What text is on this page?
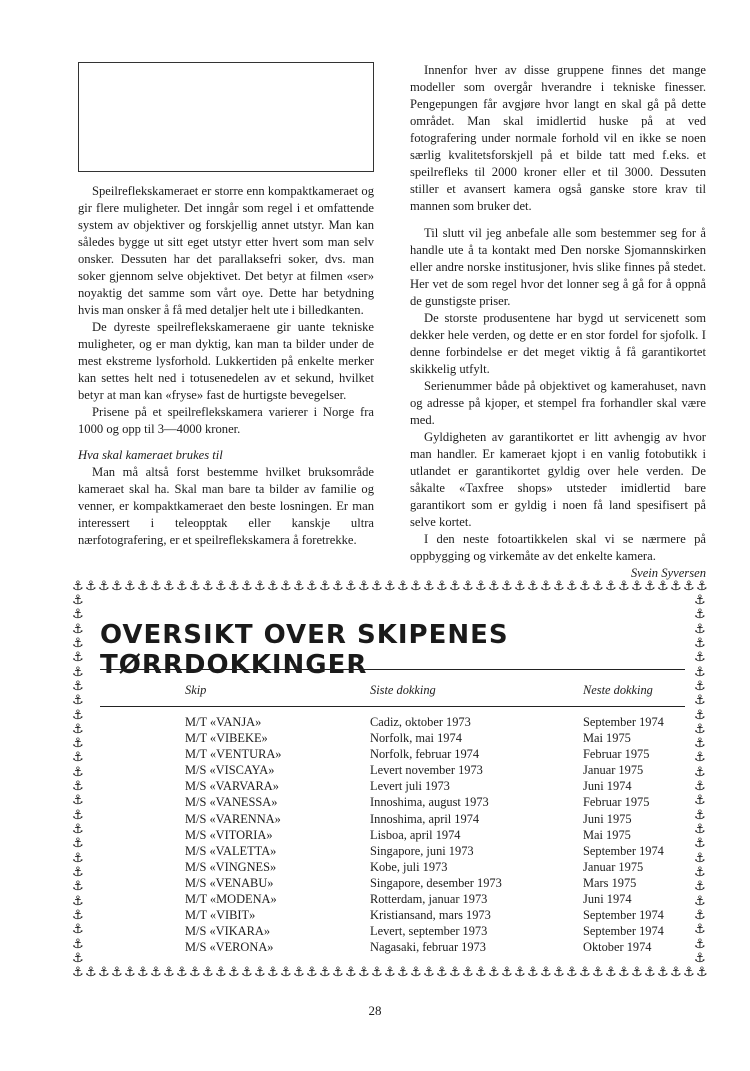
Speilreflekskameraet er storre enn kompaktkameraet og gir flere muligheter. Det inngår som regel i et omfattende system av objektiver og forskjellig annet utstyr. Man kan således bygge ut sitt eget utstyr etter hvert som man selv onsker. Dessuten har det parallaksefri soker, dvs. man soker gjennom selve objektivet. Det betyr at filmen «ser» noyaktig det samme som vårt oye. Dette har betydning hvis man onsker å få med detaljer helt ute i billedkanten.

De dyreste speilreflekskameraene gir uante tekniske muligheter, og er man dyktig, kan man ta bilder under de mest ekstreme lysforhold. Lukkertiden på enkelte merker kan settes helt ned i totusenedelen av et sekund, hvilket betyr at man kan «fryse» fast de hurtigste bevegelser.

Prisene på et speilreflekskamera varierer i Norge fra 1000 og opp til 3—4000 kroner.

Hva skal kameraet brukes til

Man må altså forst bestemme hvilket bruksområde kameraet skal ha. Skal man bare ta bilder av familie og venner, er kompaktkameraet den beste losningen. Er man interessert i teleopptak eller kanskje ultra nærfotografering, er et speilreflekskamera å foretrekke.

Innenfor hver av disse gruppene finnes det mange modeller som overgår hverandre i tekniske finesser. Pengepungen får avgjøre hvor langt en skal gå på dette området. Man skal imidlertid huske på at ved fotografering under normale forhold vil en ikke se noen særlig kvalitetsforskjell på et bilde tatt med f.eks. et speilrefleks til 2000 kroner eller et til 3000. Dessuten stiller et avansert kamera også ganske store krav til mannen som bruker det.

Til slutt vil jeg anbefale alle som bestemmer seg for å handle ute å ta kontakt med Den norske Sjomannskirken eller andre norske institusjoner, hvis slike finnes på stedet. Her vet de som regel hvor det lonner seg å gå for å oppnå de gunstigste priser.

De storste produsentene har bygd ut servicenett som dekker hele verden, og dette er en stor fordel for sjofolk. I denne forbindelse er det meget viktig å få garantikortet skikkelig utfylt.

Serienummer både på objektivet og kamerahuset, navn og adresse på kjoper, et stempel fra forhandler skal være med.

Gyldigheten av garantikortet er litt avhengig av hvor man handler. Er kameraet kjopt i en vanlig fotobutikk i utlandet er garantikortet gyldig over hele verden. De såkalte «Taxfree shops» utsteder imidlertid bare garantikort som er gyldig i noen få land spesifisert på selve kortet.

I den neste fotoartikkelen skal vi se nærmere på oppbygging og virkemåte av det enkelte kamera.

Svein Syversen

⚓ ⚓ ⚓ ⚓ ⚓ ⚓ ⚓ ⚓ ⚓ ⚓ ⚓ ⚓ ⚓ ⚓ ⚓ ⚓ ⚓ ⚓ ⚓ ⚓ ⚓ ⚓ ⚓ ⚓ ⚓ ⚓ ⚓ ⚓ ⚓ ⚓ ⚓ ⚓ ⚓ ⚓ ⚓ ⚓ ⚓ ⚓ ⚓ ⚓ ⚓ ⚓ ⚓ ⚓ ⚓ ⚓ ⚓ ⚓ ⚓
⚓ ⚓ ⚓ ⚓ ⚓ ⚓ ⚓ ⚓ ⚓ ⚓ ⚓ ⚓ ⚓ ⚓ ⚓ ⚓ ⚓ ⚓ ⚓ ⚓ ⚓ ⚓ ⚓ ⚓ ⚓ ⚓ ⚓ ⚓ ⚓ ⚓ ⚓ ⚓ ⚓ ⚓ ⚓ ⚓ ⚓ ⚓ ⚓ ⚓ ⚓ ⚓ ⚓ ⚓ ⚓ ⚓ ⚓ ⚓ ⚓
⚓
⚓
⚓
⚓
⚓
⚓
⚓
⚓
⚓
⚓
⚓
⚓
⚓
⚓
⚓
⚓
⚓
⚓
⚓
⚓
⚓
⚓
⚓
⚓
⚓
⚓
⚓
⚓
⚓
⚓
⚓
⚓
⚓
⚓
⚓
⚓
⚓
⚓
⚓
⚓
⚓
⚓
⚓
⚓
⚓
⚓
⚓
⚓
⚓
⚓
⚓
⚓
OVERSIKT OVER SKIPENES TØRRDOKKINGER
Skip	Siste dokking	Neste dokking
M/T «VANJA»	Cadiz, oktober 1973	September 1974
M/T «VIBEKE»	Norfolk, mai 1974	Mai 1975
M/T «VENTURA»	Norfolk, februar 1974	Februar 1975
M/S «VISCAYA»	Levert november 1973	Januar 1975
M/S «VARVARA»	Levert juli 1973	Juni 1974
M/S «VANESSA»	Innoshima, august 1973	Februar 1975
M/S «VARENNA»	Innoshima, april 1974	Juni 1975
M/S «VITORIA»	Lisboa, april 1974	Mai 1975
M/S «VALETTA»	Singapore, juni 1973	September 1974
M/S «VINGNES»	Kobe, juli 1973	Januar 1975
M/S «VENABU»	Singapore, desember 1973	Mars 1975
M/T «MODENA»	Rotterdam, januar 1973	Juni 1974
M/T «VIBIT»	Kristiansand, mars 1973	September 1974
M/S «VIKARA»	Levert, september 1973	September 1974
M/S «VERONA»	Nagasaki, februar 1973	Oktober 1974
28
